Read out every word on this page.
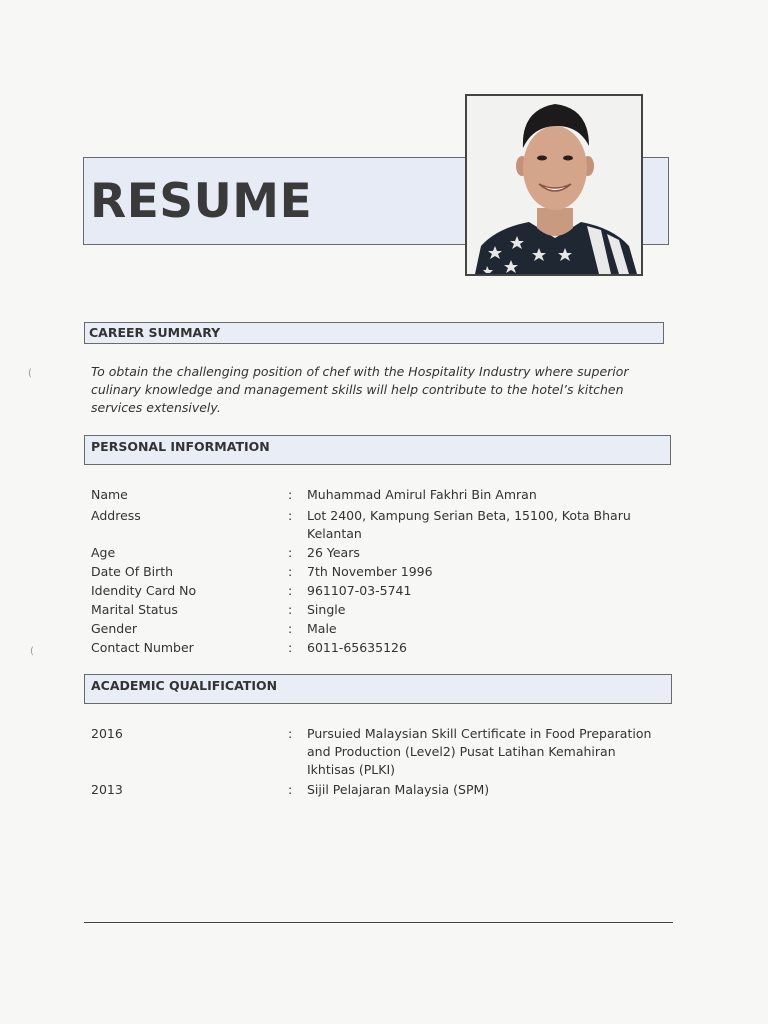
(
(
RESUME
CAREER SUMMARY
To obtain the challenging position of chef with the Hospitality Industry where superior culinary knowledge and management skills will help contribute to the hotel’s kitchen services extensively.
PERSONAL INFORMATION
Name	:	Muhammad Amirul Fakhri Bin Amran
Address	:	Lot 2400, Kampung Serian Beta, 15100, Kota Bharu Kelantan
Age	:	26 Years
Date Of Birth	:	7th November 1996
Idendity Card No	:	961107-03-5741
Marital Status	:	Single
Gender	:	Male
Contact Number	:	6011-65635126
ACADEMIC QUALIFICATION
2016	:	Pursuied Malaysian Skill Certificate in Food Preparation and Production (Level2) Pusat Latihan Kemahiran Ikhtisas (PLKI)
2013	:	Sijil Pelajaran Malaysia (SPM)
